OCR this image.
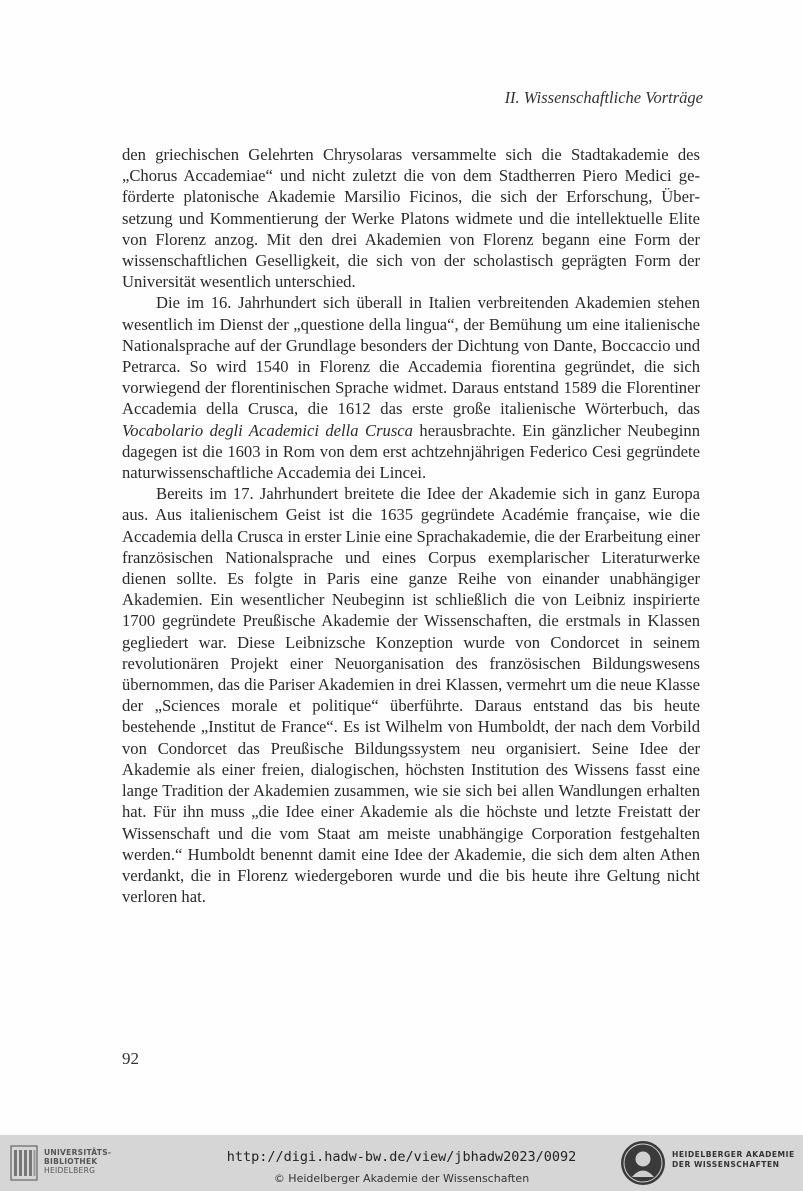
II. Wissenschaftliche Vorträge

den griechischen Gelehrten Chrysolaras versammelte sich die Stadtakademie des „Chorus Accademiae“ und nicht zuletzt die von dem Stadtherren Piero Medici geförderte platonische Akademie Marsilio Ficinos, die sich der Erforschung, Übersetzung und Kommentierung der Werke Platons widmete und die intellektuelle Elite von Florenz anzog. Mit den drei Akademien von Florenz begann eine Form der wissenschaftlichen Geselligkeit, die sich von der scholastisch geprägten Form der Universität wesentlich unterschied.

Die im 16. Jahrhundert sich überall in Italien verbreitenden Akademien stehen wesentlich im Dienst der „questione della lingua“, der Bemühung um eine italienische Nationalsprache auf der Grundlage besonders der Dichtung von Dante, Boccaccio und Petrarca. So wird 1540 in Florenz die Accademia fiorentina gegründet, die sich vorwiegend der florentinischen Sprache widmet. Daraus entstand 1589 die Florentiner Accademia della Crusca, die 1612 das erste große italienische Wörterbuch, das Vocabolario degli Academici della Crusca herausbrachte. Ein gänzlicher Neubeginn dagegen ist die 1603 in Rom von dem erst achtzehnjährigen Federico Cesi gegründete naturwissenschaftliche Accademia dei Lincei.

Bereits im 17. Jahrhundert breitete die Idee der Akademie sich in ganz Europa aus. Aus italienischem Geist ist die 1635 gegründete Académie française, wie die Accademia della Crusca in erster Linie eine Sprachakademie, die der Erarbeitung einer französischen Nationalsprache und eines Corpus exemplarischer Literaturwerke dienen sollte. Es folgte in Paris eine ganze Reihe von einander unabhängiger Akademien. Ein wesentlicher Neubeginn ist schließlich die von Leibniz inspirierte 1700 gegründete Preußische Akademie der Wissenschaften, die erstmals in Klassen gegliedert war. Diese Leibnizsche Konzeption wurde von Condorcet in seinem revolutionären Projekt einer Neuorganisation des französischen Bildungswesens übernommen, das die Pariser Akademien in drei Klassen, vermehrt um die neue Klasse der „Sciences morale et politique“ überführte. Daraus entstand das bis heute bestehende „Institut de France“. Es ist Wilhelm von Humboldt, der nach dem Vorbild von Condorcet das Preußische Bildungssystem neu organisiert. Seine Idee der Akademie als einer freien, dialogischen, höchsten Institution des Wissens fasst eine lange Tradition der Akademien zusammen, wie sie sich bei allen Wandlungen erhalten hat. Für ihn muss „die Idee einer Akademie als die höchste und letzte Freistatt der Wissenschaft und die vom Staat am meiste unabhängige Corporation festgehalten werden.“ Humboldt benennt damit eine Idee der Akademie, die sich dem alten Athen verdankt, die in Florenz wiedergeboren wurde und die bis heute ihre Geltung nicht verloren hat.

92
UNIVERSITÄTS-
BIBLIOTHEK
HEIDELBERG
http://digi.hadw-bw.de/view/jbhadw2023/0092
© Heidelberger Akademie der Wissenschaften
HEIDELBERGER AKADEMIE
DER WISSENSCHAFTEN
